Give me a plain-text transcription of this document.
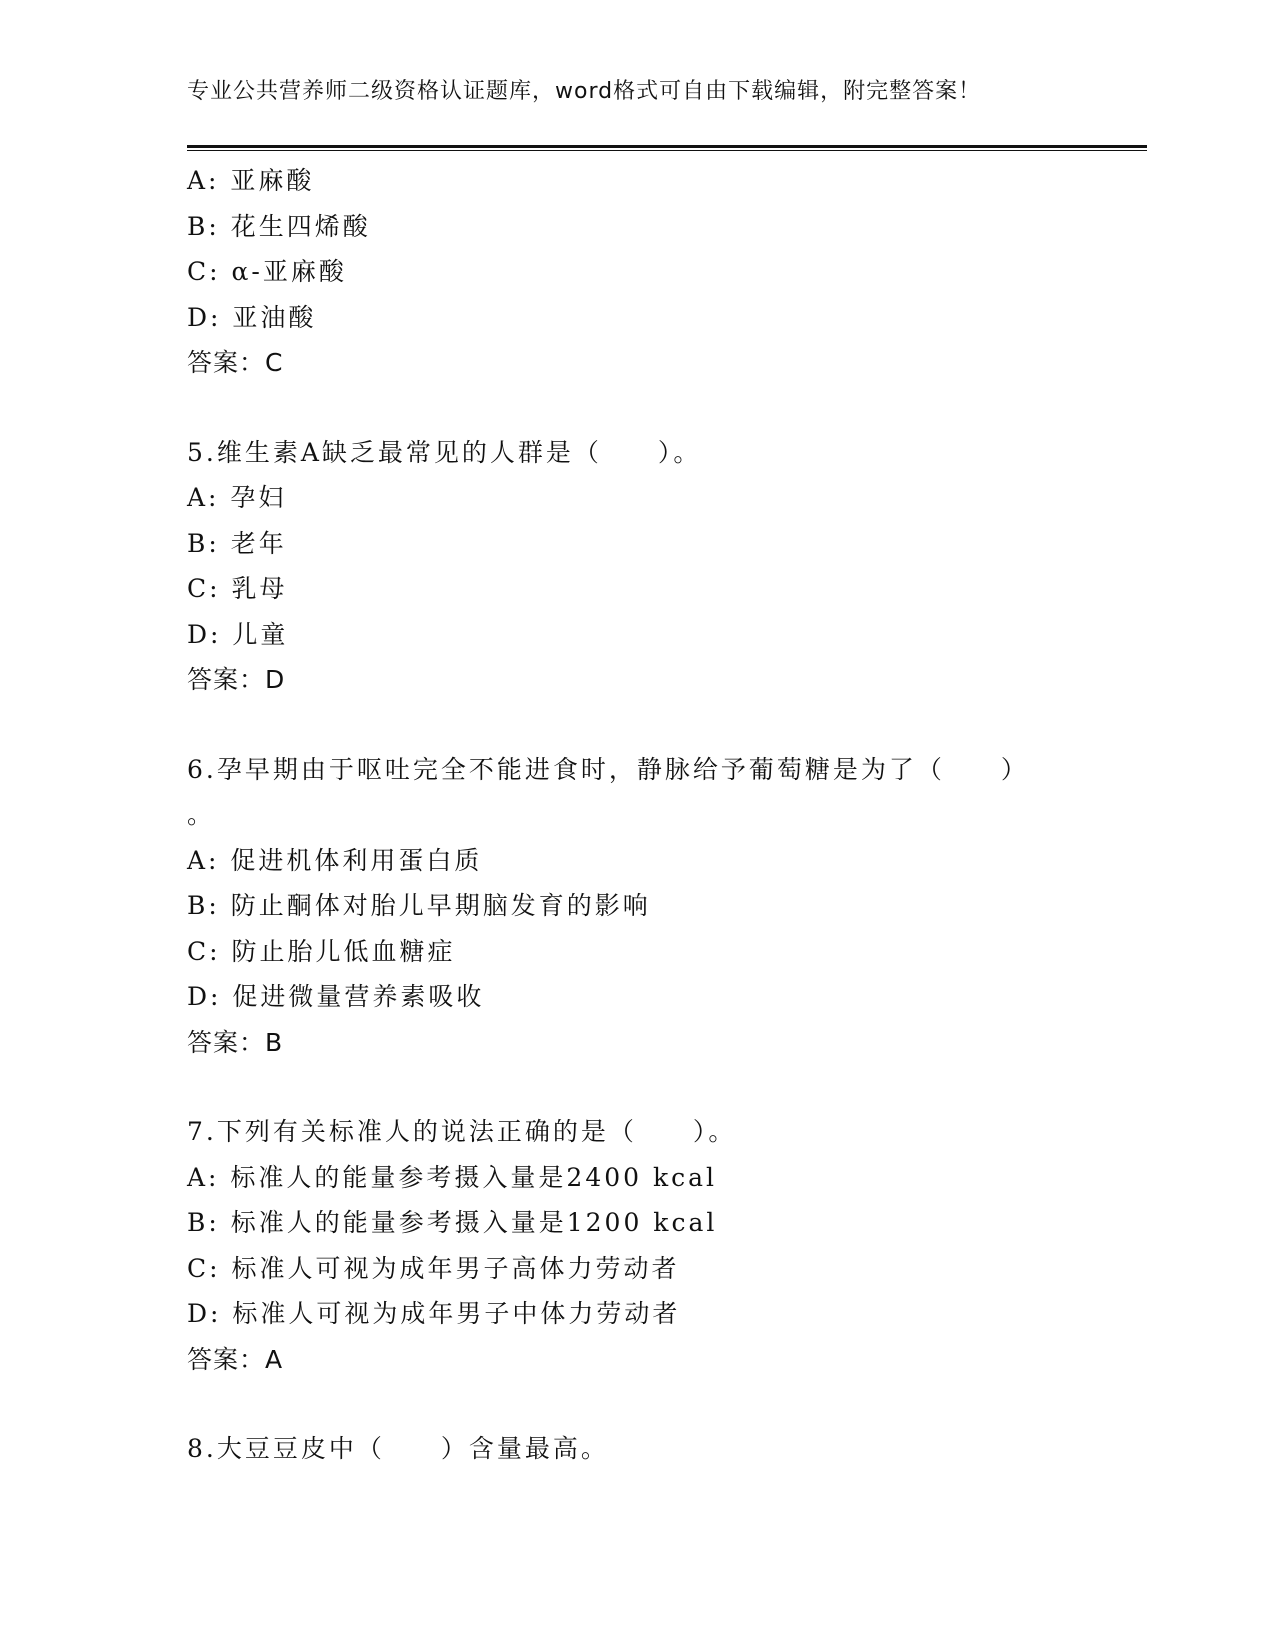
专业公共营养师二级资格认证题库，word格式可自由下载编辑，附完整答案！
A: 亚麻酸
B: 花生四烯酸
C: α-亚麻酸
D: 亚油酸
答案：C
5.维生素A缺乏最常见的人群是（　　）。
A: 孕妇
B: 老年
C: 乳母
D: 儿童
答案：D
6.孕早期由于呕吐完全不能进食时，静脉给予葡萄糖是为了（　　）
。
A: 促进机体利用蛋白质
B: 防止酮体对胎儿早期脑发育的影响
C: 防止胎儿低血糖症
D: 促进微量营养素吸收
答案：B
7.下列有关标准人的说法正确的是（　　）。
A: 标准人的能量参考摄入量是2400 kcal
B: 标准人的能量参考摄入量是1200 kcal
C: 标准人可视为成年男子高体力劳动者
D: 标准人可视为成年男子中体力劳动者
答案：A
8.大豆豆皮中（　　）含量最高。
